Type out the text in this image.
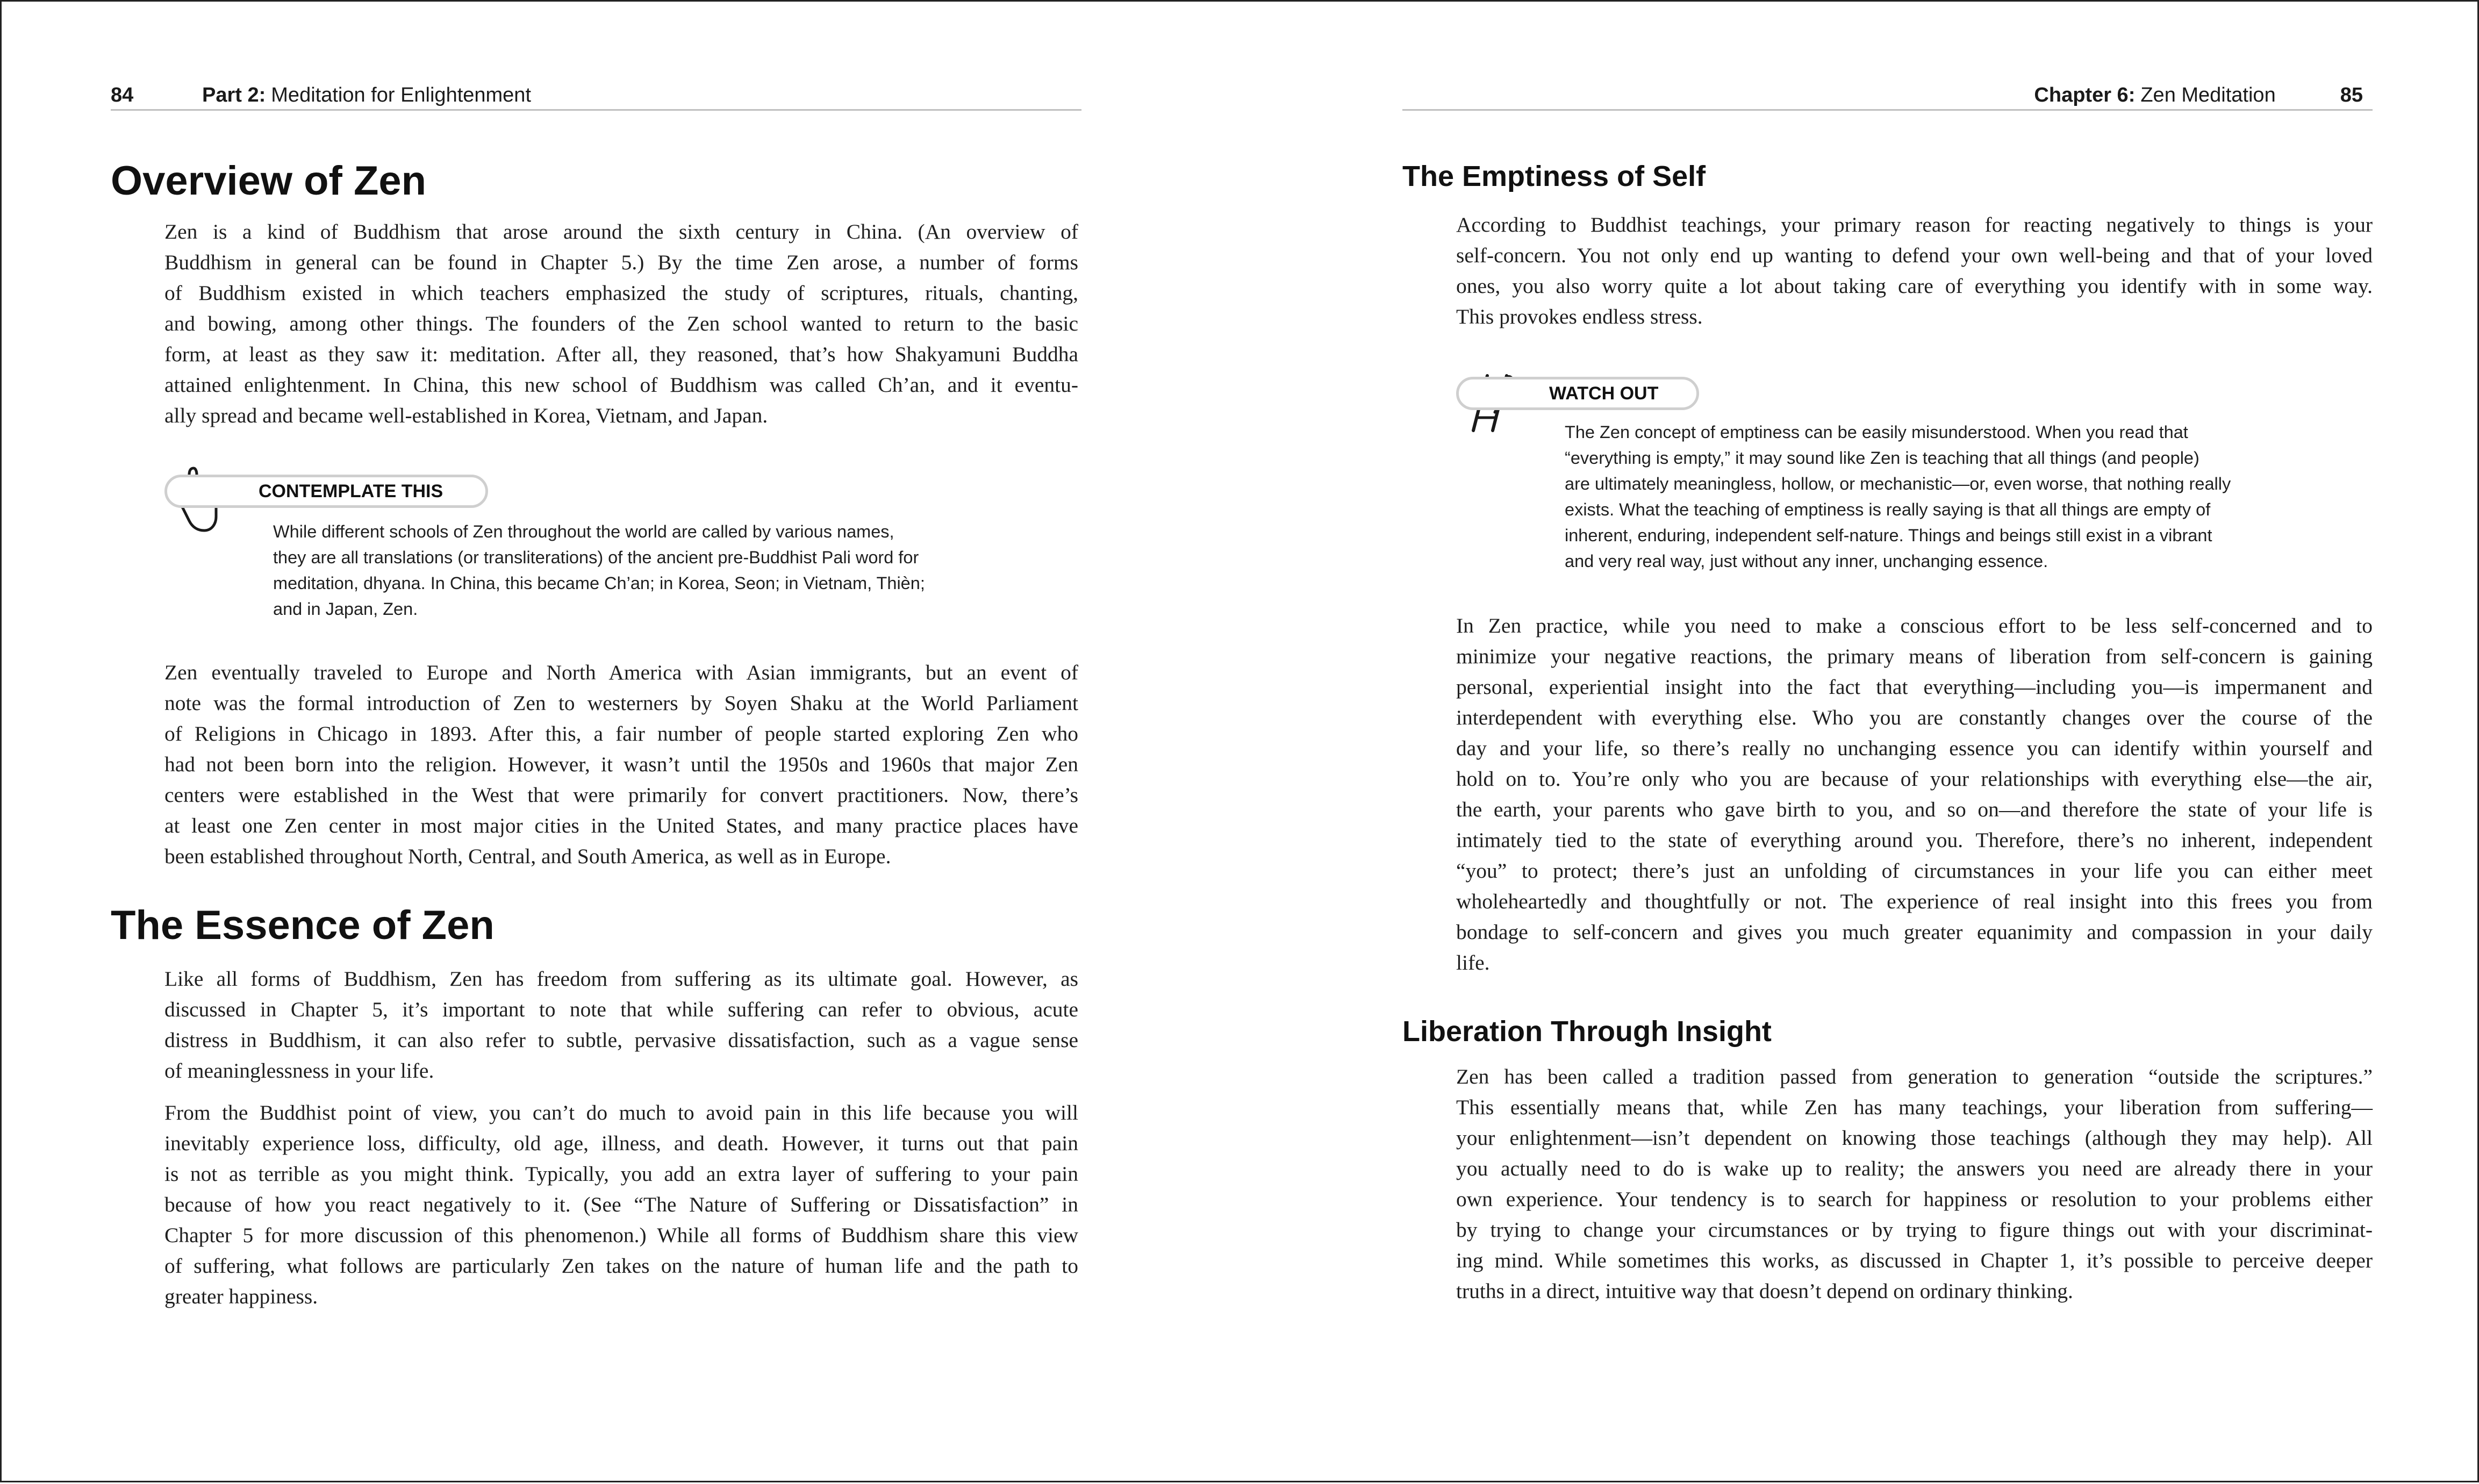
84	Part 2: Meditation for Enlightenment
Overview of Zen
Zen is a kind of Buddhism that arose around the sixth century in China. (An overview of
Buddhism in general can be found in Chapter 5.) By the time Zen arose, a number of forms
of Buddhism existed in which teachers emphasized the study of scriptures, rituals, chanting,
and bowing, among other things. The founders of the Zen school wanted to return to the basic
form, at least as they saw it: meditation. After all, they reasoned, that’s how Shakyamuni Buddha
attained enlightenment. In China, this new school of Buddhism was called Ch’an, and it eventu-
ally spread and became well-established in Korea, Vietnam, and Japan.
CONTEMPLATE THIS
While different schools of Zen throughout the world are called by various names,
they are all translations (or transliterations) of the ancient pre-Buddhist Pali word for
meditation, dhyana. In China, this became Ch’an; in Korea, Seon; in Vietnam, Thièn;
and in Japan, Zen.
Zen eventually traveled to Europe and North America with Asian immigrants, but an event of
note was the formal introduction of Zen to westerners by Soyen Shaku at the World Parliament
of Religions in Chicago in 1893. After this, a fair number of people started exploring Zen who
had not been born into the religion. However, it wasn’t until the 1950s and 1960s that major Zen
centers were established in the West that were primarily for convert practitioners. Now, there’s
at least one Zen center in most major cities in the United States, and many practice places have
been established throughout North, Central, and South America, as well as in Europe.
The Essence of Zen
Like all forms of Buddhism, Zen has freedom from suffering as its ultimate goal. However, as
discussed in Chapter 5, it’s important to note that while suffering can refer to obvious, acute
distress in Buddhism, it can also refer to subtle, pervasive dissatisfaction, such as a vague sense
of meaninglessness in your life.
From the Buddhist point of view, you can’t do much to avoid pain in this life because you will
inevitably experience loss, difficulty, old age, illness, and death. However, it turns out that pain
is not as terrible as you might think. Typically, you add an extra layer of suffering to your pain
because of how you react negatively to it. (See “The Nature of Suffering or Dissatisfaction” in
Chapter 5 for more discussion of this phenomenon.) While all forms of Buddhism share this view
of suffering, what follows are particularly Zen takes on the nature of human life and the path to
greater happiness.
Chapter 6: Zen Meditation	85
The Emptiness of Self
According to Buddhist teachings, your primary reason for reacting negatively to things is your
self-concern. You not only end up wanting to defend your own well-being and that of your loved
ones, you also worry quite a lot about taking care of everything you identify with in some way.
This provokes endless stress.
WATCH OUT
The Zen concept of emptiness can be easily misunderstood. When you read that
“everything is empty,” it may sound like Zen is teaching that all things (and people)
are ultimately meaningless, hollow, or mechanistic—or, even worse, that nothing really
exists. What the teaching of emptiness is really saying is that all things are empty of
inherent, enduring, independent self-nature. Things and beings still exist in a vibrant
and very real way, just without any inner, unchanging essence.
In Zen practice, while you need to make a conscious effort to be less self-concerned and to
minimize your negative reactions, the primary means of liberation from self-concern is gaining
personal, experiential insight into the fact that everything—including you—is impermanent and
interdependent with everything else. Who you are constantly changes over the course of the
day and your life, so there’s really no unchanging essence you can identify within yourself and
hold on to. You’re only who you are because of your relationships with everything else—the air,
the earth, your parents who gave birth to you, and so on—and therefore the state of your life is
intimately tied to the state of everything around you. Therefore, there’s no inherent, independent
“you” to protect; there’s just an unfolding of circumstances in your life you can either meet
wholeheartedly and thoughtfully or not. The experience of real insight into this frees you from
bondage to self-concern and gives you much greater equanimity and compassion in your daily
life.
Liberation Through Insight
Zen has been called a tradition passed from generation to generation “outside the scriptures.”
This essentially means that, while Zen has many teachings, your liberation from suffering—
your enlightenment—isn’t dependent on knowing those teachings (although they may help). All
you actually need to do is wake up to reality; the answers you need are already there in your
own experience. Your tendency is to search for happiness or resolution to your problems either
by trying to change your circumstances or by trying to figure things out with your discriminat-
ing mind. While sometimes this works, as discussed in Chapter 1, it’s possible to perceive deeper
truths in a direct, intuitive way that doesn’t depend on ordinary thinking.
